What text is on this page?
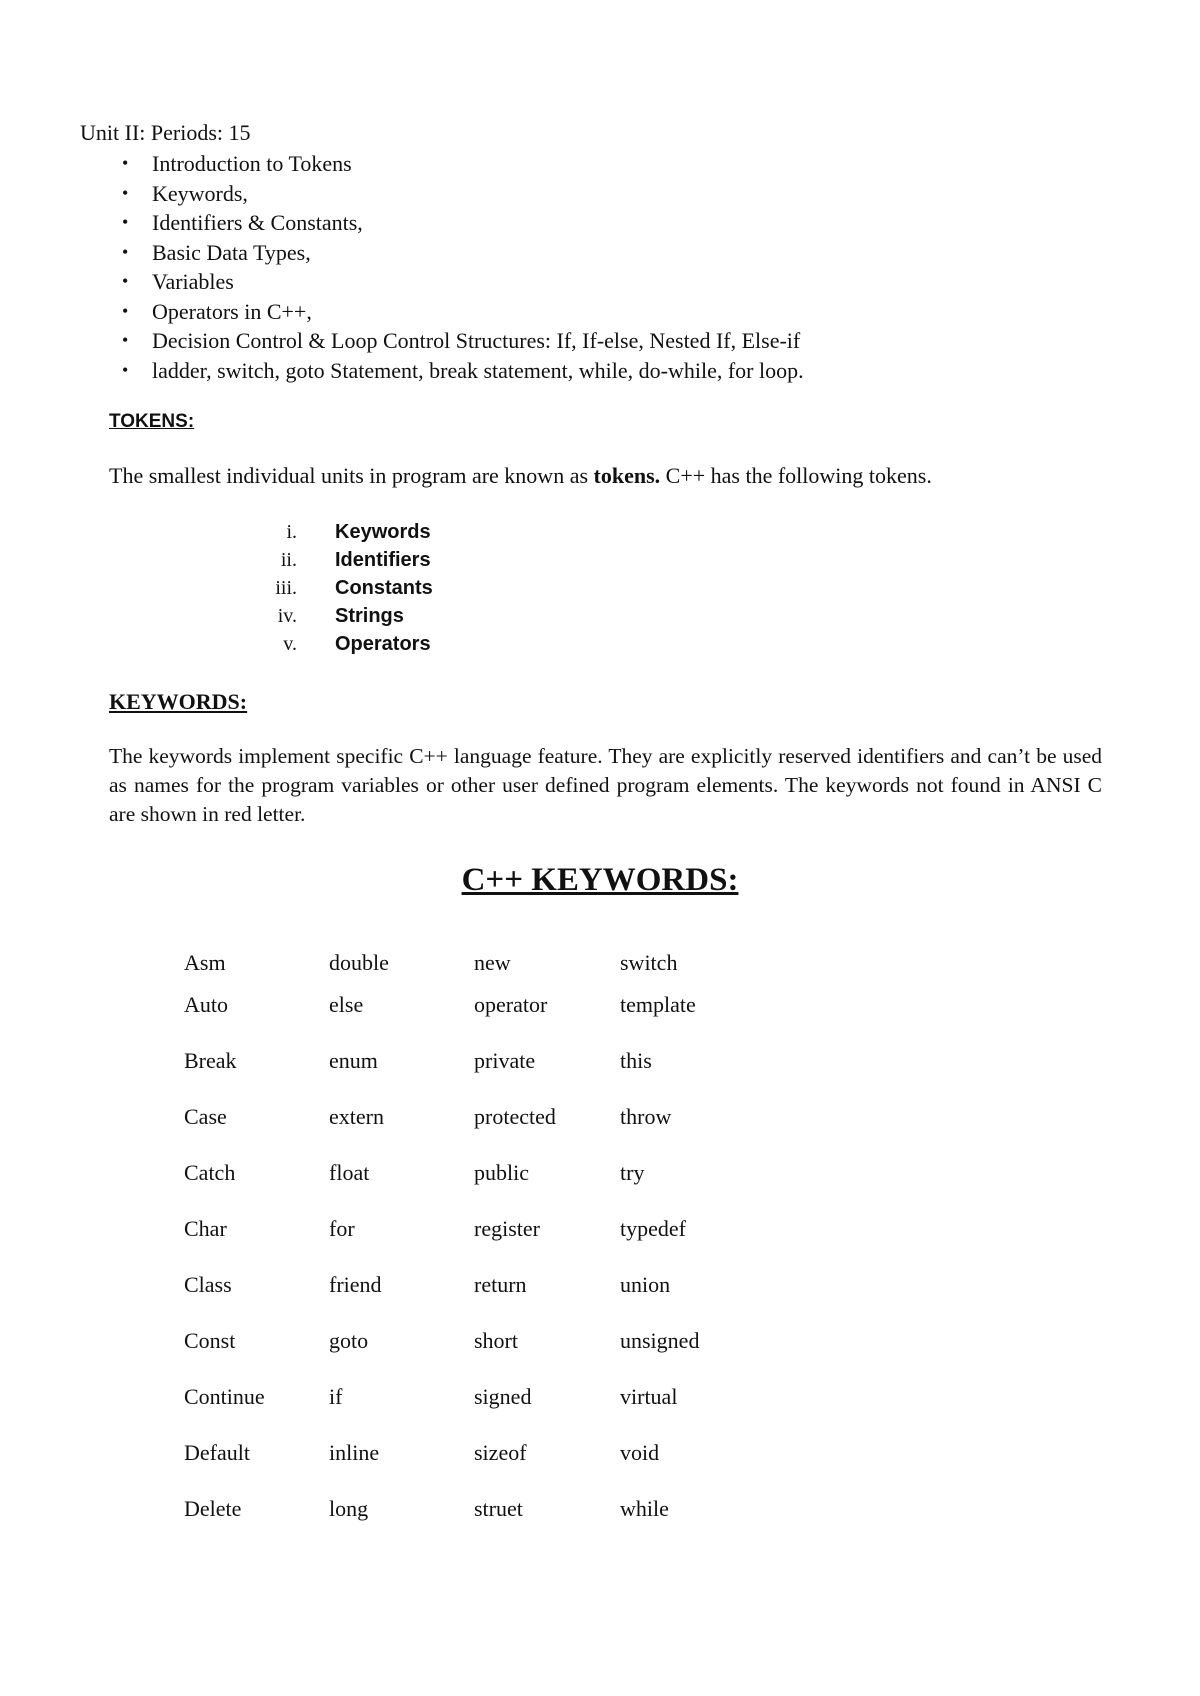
Unit II: Periods: 15
• Introduction to Tokens
• Keywords,
• Identifiers & Constants,
• Basic Data Types,
• Variables
• Operators in C++,
• Decision Control & Loop Control Structures: If, If-else, Nested If, Else-if
• ladder, switch, goto Statement, break statement, while, do-while, for loop.
TOKENS:
The smallest individual units in program are known as tokens. C++ has the following tokens.
i. Keywords
ii. Identifiers
iii. Constants
iv. Strings
v. Operators
KEYWORDS:
The keywords implement specific C++ language feature. They are explicitly reserved identifiers and can’t be used as names for the program variables or other user defined program elements. The keywords not found in ANSI C are shown in red letter.
C++ KEYWORDS:
Asm	double	new	switch
Auto	else	operator	template
Break	enum	private	this
Case	extern	protected	throw
Catch	float	public	try
Char	for	register	typedef
Class	friend	return	union
Const	goto	short	unsigned
Continue	if	signed	virtual
Default	inline	sizeof	void
Delete	long	struet	while
